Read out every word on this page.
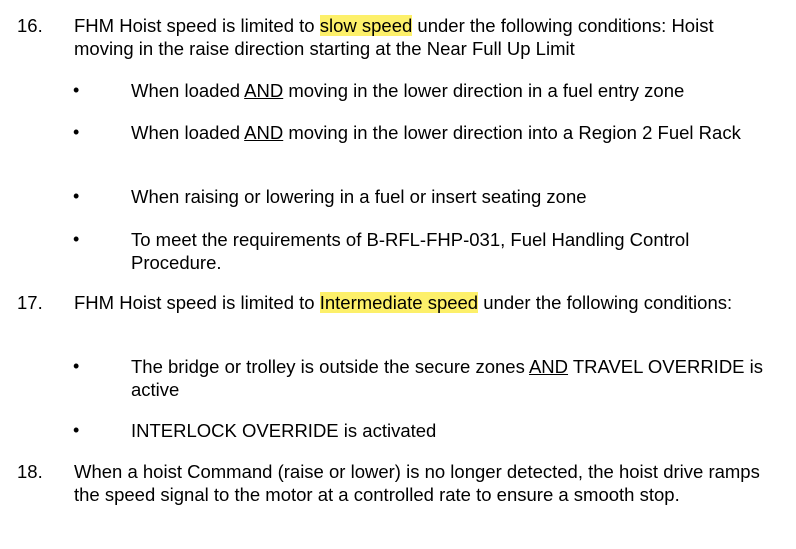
16. FHM Hoist speed is limited to slow speed under the following conditions: Hoist moving in the raise direction starting at the Near Full Up Limit
•	When loaded AND moving in the lower direction in a fuel entry zone
•	When loaded AND moving in the lower direction into a Region 2 Fuel Rack
•	When raising or lowering in a fuel or insert seating zone
•	To meet the requirements of B-RFL-FHP-031, Fuel Handling Control Procedure.
17. FHM Hoist speed is limited to Intermediate speed under the following conditions:
•	The bridge or trolley is outside the secure zones AND TRAVEL OVERRIDE is active
•	INTERLOCK OVERRIDE is activated
18. When a hoist Command (raise or lower) is no longer detected, the hoist drive ramps the speed signal to the motor at a controlled rate to ensure a smooth stop.
